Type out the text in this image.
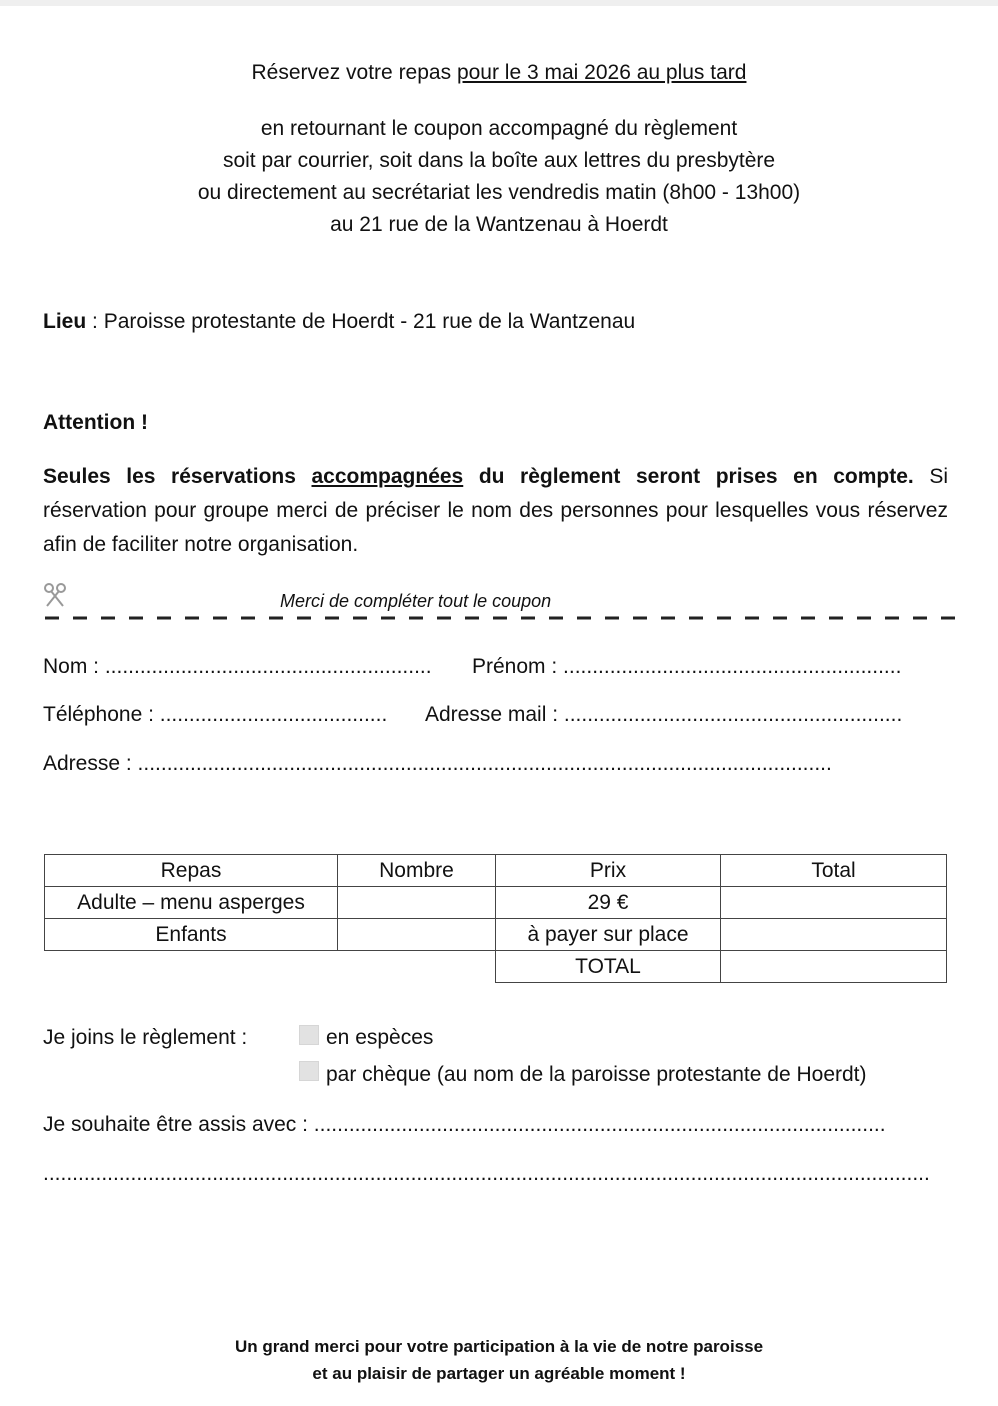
Réservez votre repas pour le 3 mai 2026 au plus tard
en retournant le coupon accompagné du règlement
soit par courrier, soit dans la boîte aux lettres du presbytère
ou directement au secrétariat les vendredis matin (8h00 - 13h00)
au 21 rue de la Wantzenau à Hoerdt
Lieu : Paroisse protestante de Hoerdt - 21 rue de la Wantzenau
Attention !
Seules les réservations accompagnées du règlement seront prises en compte. Si réservation pour groupe merci de préciser le nom des personnes pour lesquelles vous réservez afin de faciliter notre organisation.
Merci de compléter tout le coupon
Nom : ........................................................ Prénom : ..........................................................
Téléphone : ....................................... Adresse mail : ..........................................................
Adresse : .......................................................................................................................
Repas	Nombre	Prix	Total
Adulte – menu asperges		29 €	
Enfants		à payer sur place	
		TOTAL	
Je joins le règlement :	en espèces
par chèque (au nom de la paroisse protestante de Hoerdt)
Je souhaite être assis avec : ..................................................................................................
........................................................................................................................................................
Un grand merci pour votre participation à la vie de notre paroisse
et au plaisir de partager un agréable moment !
